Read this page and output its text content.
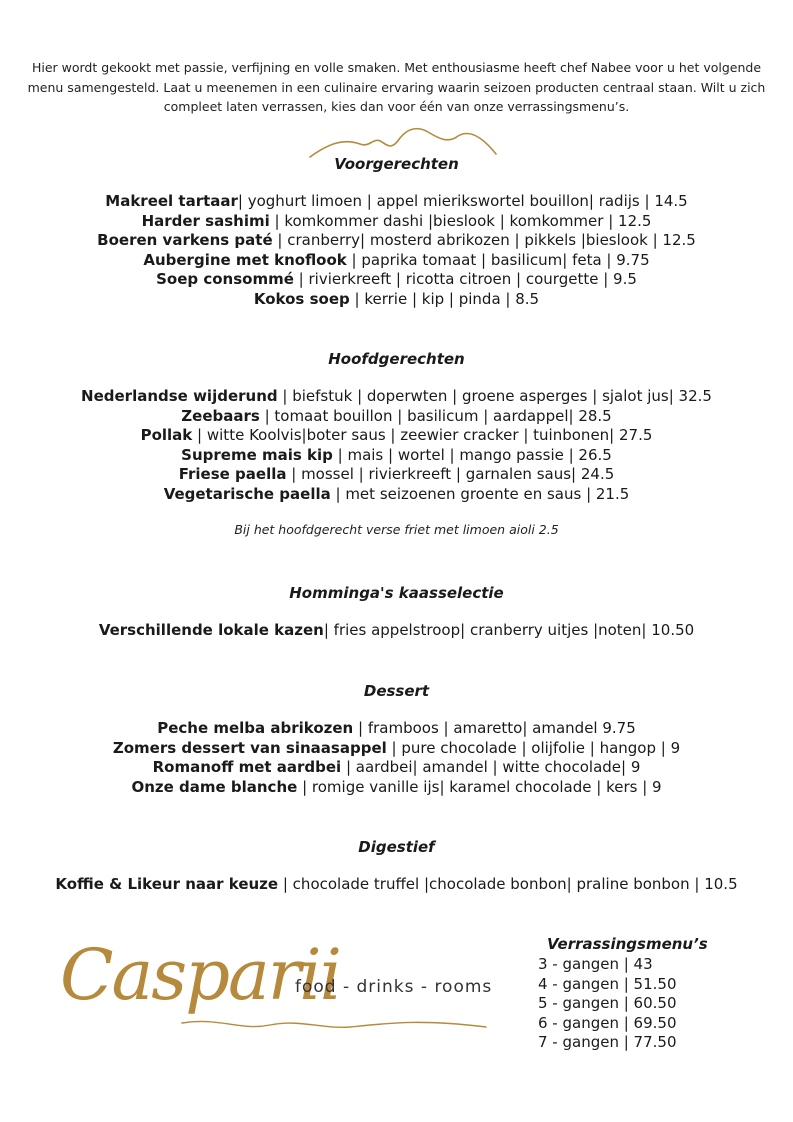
Hier wordt gekookt met passie, verfijning en volle smaken. Met enthousiasme heeft chef Nabee voor u het volgende
menu samengesteld. Laat u meenemen in een culinaire ervaring waarin seizoen producten centraal staan. Wilt u zich
compleet laten verrassen, kies dan voor één van onze verrassingsmenu’s.
Voorgerechten
Makreel tartaar| yoghurt limoen | appel mierikswortel bouillon| radijs | 14.5
Harder sashimi | komkommer dashi |bieslook | komkommer | 12.5
Boeren varkens paté | cranberry| mosterd abrikozen | pikkels |bieslook | 12.5
Aubergine met knoflook | paprika tomaat | basilicum| feta | 9.75
Soep consommé | rivierkreeft | ricotta citroen | courgette | 9.5
Kokos soep | kerrie | kip | pinda | 8.5
Hoofdgerechten
Nederlandse wijderund | biefstuk | doperwten | groene asperges | sjalot jus| 32.5
Zeebaars | tomaat bouillon | basilicum | aardappel| 28.5
Pollak | witte Koolvis|boter saus | zeewier cracker | tuinbonen| 27.5
Supreme mais kip | mais | wortel | mango passie | 26.5
Friese paella | mossel | rivierkreeft | garnalen saus| 24.5
Vegetarische paella | met seizoenen groente en saus | 21.5
Bij het hoofdgerecht verse friet met limoen aioli 2.5
Homminga's kaasselectie
Verschillende lokale kazen| fries appelstroop| cranberry uitjes |noten| 10.50
Dessert
Peche melba abrikozen | framboos | amaretto| amandel 9.75
Zomers dessert van sinaasappel | pure chocolade | olijfolie | hangop | 9
Romanoff met aardbei | aardbei| amandel | witte chocolade| 9
Onze dame blanche | romige vanille ijs| karamel chocolade | kers | 9
Digestief
Koffie & Likeur naar keuze | chocolade truffel |chocolade bonbon| praline bonbon | 10.5
Casparii
food - drinks - rooms
Verrassingsmenu’s
3 - gangen | 43
4 - gangen | 51.50
5 - gangen | 60.50
6 - gangen | 69.50
7 - gangen | 77.50
